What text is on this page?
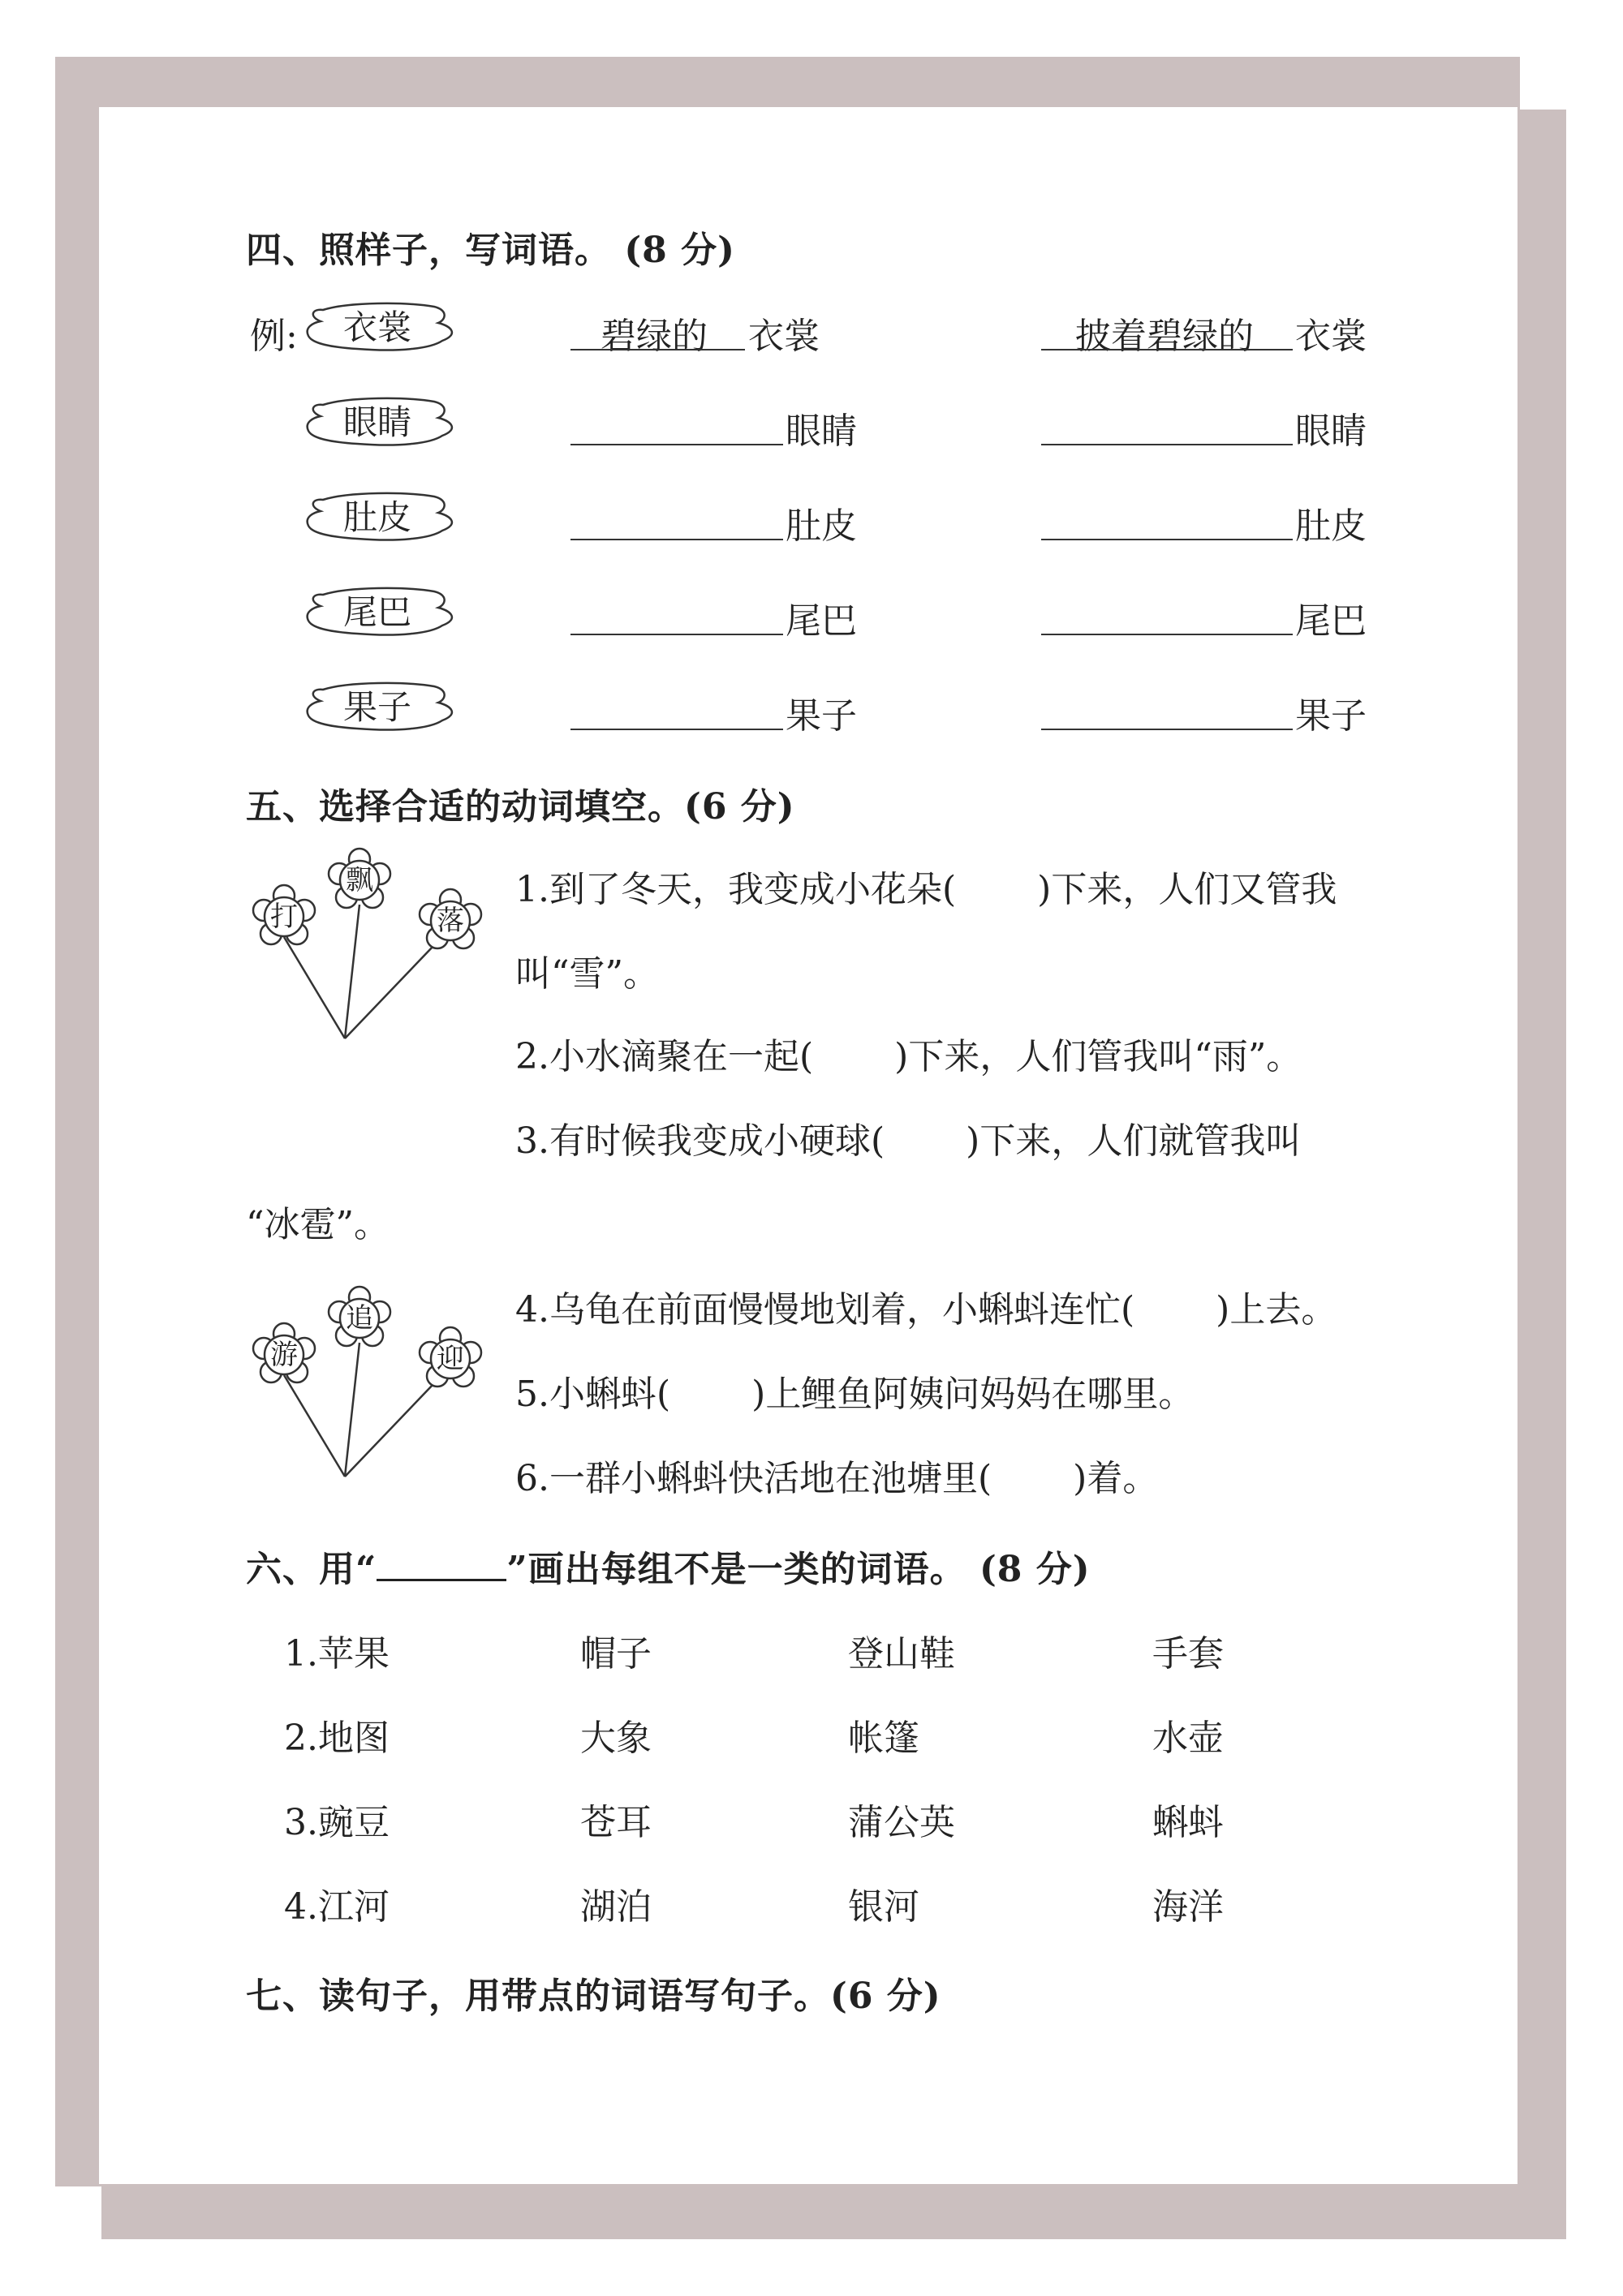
四、照样子，写词语。 (8 分)
例:	衣裳	碧绿的 衣裳	披着碧绿的 衣裳
眼睛	眼睛	眼睛
肚皮	肚皮	肚皮
尾巴	尾巴	尾巴
果子	果子	果子
五、选择合适的动词填空。(6 分)
打
飘
落
1.到了冬天，我变成小花朵( )下来，人们又管我
叫“雪”。
2.小水滴聚在一起( )下来，人们管我叫“雨”。
3.有时候我变成小硬球( )下来，人们就管我叫
“冰雹”。
游
追
迎
4.乌龟在前面慢慢地划着，小蝌蚪连忙( )上去。
5.小蝌蚪( )上鲤鱼阿姨问妈妈在哪里。
6.一群小蝌蚪快活地在池塘里( )着。
六、用“	”画出每组不是一类的词语。 (8 分)
1.苹果	帽子	登山鞋	手套
2.地图	大象	帐篷	水壶
3.豌豆	苍耳	蒲公英	蝌蚪
4.江河	湖泊	银河	海洋
七、读句子，用带点的词语写句子。(6 分)
